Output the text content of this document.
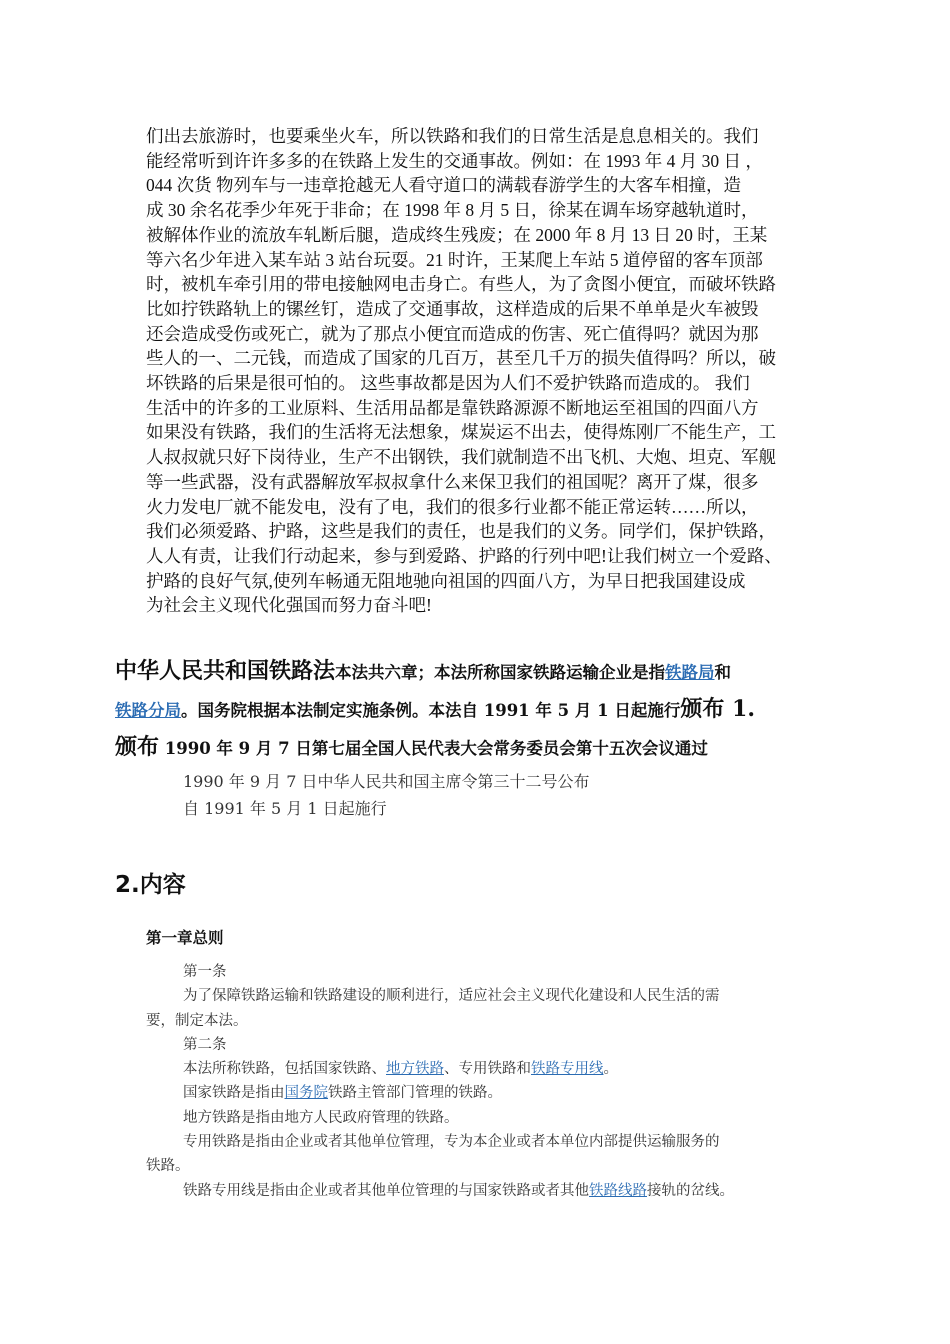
们出去旅游时，也要乘坐火车，所以铁路和我们的日常生活是息息相关的。我们
能经常听到许许多多的在铁路上发生的交通事故。例如：在 1993 年 4 月 30 日 ，
044 次货 物列车与一违章抢越无人看守道口的满载春游学生的大客车相撞，造
成 30 余名花季少年死于非命；在 1998 年 8 月 5 日，徐某在调车场穿越轨道时，
被解体作业的流放车轧断后腿，造成终生残废；在 2000 年 8 月 13 日 20 时，王某
等六名少年进入某车站 3 站台玩耍。21 时许，王某爬上车站 5 道停留的客车顶部
时，被机车牵引用的带电接触网电击身亡。有些人，为了贪图小便宜，而破坏铁路
比如拧铁路轨上的镙丝钉，造成了交通事故，这样造成的后果不单单是火车被毁
还会造成受伤或死亡，就为了那点小便宜而造成的伤害、死亡值得吗？就因为那
些人的一、二元钱，而造成了国家的几百万，甚至几千万的损失值得吗？所以，破
坏铁路的后果是很可怕的。 这些事故都是因为人们不爱护铁路而造成的。 我们
生活中的许多的工业原料、生活用品都是靠铁路源源不断地运至祖国的四面八方
如果没有铁路，我们的生活将无法想象，煤炭运不出去，使得炼刚厂不能生产，工
人叔叔就只好下岗待业，生产不出钢铁，我们就制造不出飞机、大炮、坦克、军舰
等一些武器，没有武器解放军叔叔拿什么来保卫我们的祖国呢？离开了煤，很多
火力发电厂就不能发电，没有了电，我们的很多行业都不能正常运转……所以，
我们必须爱路、护路，这些是我们的责任，也是我们的义务。同学们，保护铁路，
人人有责，让我们行动起来，参与到爱路、护路的行列中吧!让我们树立一个爱路、
护路的良好气氛,使列车畅通无阻地驰向祖国的四面八方，为早日把我国建设成
为社会主义现代化强国而努力奋斗吧!
中华人民共和国铁路法本法共六章；本法所称国家铁路运输企业是指铁路局和
铁路分局。国务院根据本法制定实施条例。本法自 1991 年 5 月 1 日起施行颁布 1.
颁布 1990 年 9 月 7 日第七届全国人民代表大会常务委员会第十五次会议通过
1990 年 9 月 7 日中华人民共和国主席令第三十二号公布
自 1991 年 5 月 1 日起施行
2.内容
第一章总则
第一条
为了保障铁路运输和铁路建设的顺利进行，适应社会主义现代化建设和人民生活的需
要，制定本法。
第二条
本法所称铁路，包括国家铁路、地方铁路、专用铁路和铁路专用线。
国家铁路是指由国务院铁路主管部门管理的铁路。
地方铁路是指由地方人民政府管理的铁路。
专用铁路是指由企业或者其他单位管理，专为本企业或者本单位内部提供运输服务的
铁路。
铁路专用线是指由企业或者其他单位管理的与国家铁路或者其他铁路线路接轨的岔线。
